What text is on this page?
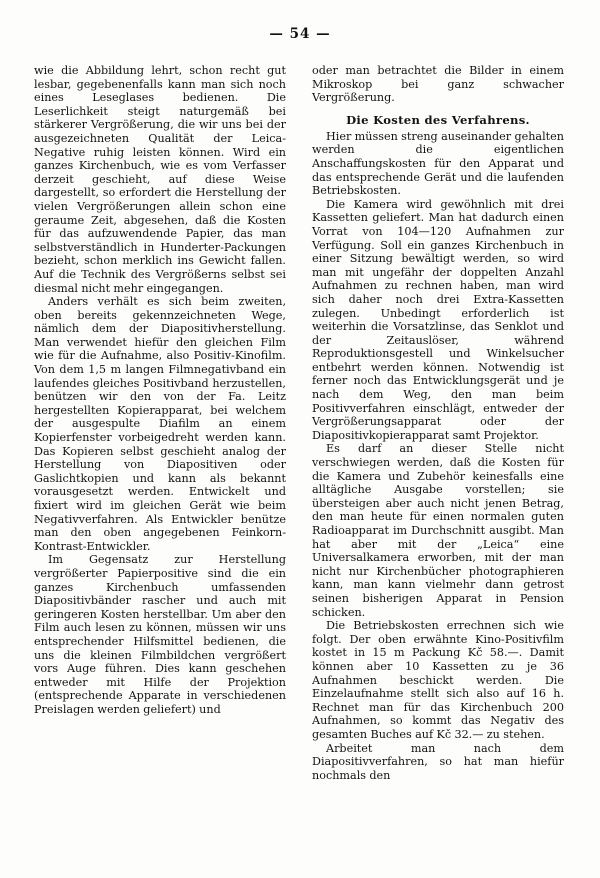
— 54 —

wie die Abbildung lehrt, schon recht gut lesbar, gegebenenfalls kann man sich noch eines Leseglases bedienen. Die Leserlichkeit steigt naturgemäß bei stärkerer Vergrößerung, die wir uns bei der ausgezeichneten Qualität der Leica-Negative ruhig leisten können. Wird ein ganzes Kirchenbuch, wie es vom Verfasser derzeit geschieht, auf diese Weise dargestellt, so erfordert die Herstellung der vielen Vergrößerungen allein schon eine geraume Zeit, abgesehen, daß die Kosten für das aufzuwendende Papier, das man selbstverständlich in Hunderter-Packungen bezieht, schon merklich ins Gewicht fallen. Auf die Technik des Vergrößerns selbst sei diesmal nicht mehr eingegangen.

Anders verhält es sich beim zweiten, oben bereits gekennzeichneten Wege, nämlich dem der Diapositivherstellung. Man verwendet hiefür den gleichen Film wie für die Aufnahme, also Positiv-Kinofilm. Von dem 1,5 m langen Filmnegativband ein laufendes gleiches Positivband herzustellen, benützen wir den von der Fa. Leitz hergestellten Kopierapparat, bei welchem der ausgespulte Diafilm an einem Kopierfenster vorbeigedreht werden kann. Das Kopieren selbst geschieht analog der Herstellung von Diapositiven oder Gaslichtkopien und kann als bekannt vorausgesetzt werden. Entwickelt und fixiert wird im gleichen Gerät wie beim Negativverfahren. Als Entwickler benütze man den oben angegebenen Feinkorn-Kontrast-Entwickler.

Im Gegensatz zur Herstellung vergrößerter Papierpositive sind die ein ganzes Kirchenbuch umfassenden Diapositivbänder rascher und auch mit geringeren Kosten herstellbar. Um aber den Film auch lesen zu können, müssen wir uns entsprechender Hilfsmittel bedienen, die uns die kleinen Filmbildchen vergrößert vors Auge führen. Dies kann geschehen entweder mit Hilfe der Projektion (entsprechende Apparate in verschiedenen Preislagen werden geliefert) und

oder man betrachtet die Bilder in einem Mikroskop bei ganz schwacher Vergrößerung.

Die Kosten des Verfahrens.

Hier müssen streng auseinander gehalten werden die eigentlichen Anschaffungskosten für den Apparat und das entsprechende Gerät und die laufenden Betriebskosten.

Die Kamera wird gewöhnlich mit drei Kassetten geliefert. Man hat dadurch einen Vorrat von 104—120 Aufnahmen zur Verfügung. Soll ein ganzes Kirchenbuch in einer Sitzung bewältigt werden, so wird man mit ungefähr der doppelten Anzahl Aufnahmen zu rechnen haben, man wird sich daher noch drei Extra-Kassetten zulegen. Unbedingt erforderlich ist weiterhin die Vorsatzlinse, das Senklot und der Zeitauslöser, während Reproduktionsgestell und Winkelsucher entbehrt werden können. Notwendig ist ferner noch das Entwicklungsgerät und je nach dem Weg, den man beim Positivverfahren einschlägt, entweder der Vergrößerungsapparat oder der Diapositivkopierapparat samt Projektor.

Es darf an dieser Stelle nicht verschwiegen werden, daß die Kosten für die Kamera und Zubehör keinesfalls eine alltägliche Ausgabe vorstellen; sie übersteigen aber auch nicht jenen Betrag, den man heute für einen normalen guten Radioapparat im Durchschnitt ausgibt. Man hat aber mit der „Leica“ eine Universalkamera erworben, mit der man nicht nur Kirchenbücher photographieren kann, man kann vielmehr dann getrost seinen bisherigen Apparat in Pension schicken.

Die Betriebskosten errechnen sich wie folgt. Der oben erwähnte Kino-Positivfilm kostet in 15 m Packung Kč 58.—. Damit können aber 10 Kassetten zu je 36 Aufnahmen beschickt werden. Die Einzelaufnahme stellt sich also auf 16 h. Rechnet man für das Kirchenbuch 200 Aufnahmen, so kommt das Negativ des gesamten Buches auf Kč 32.— zu stehen.

Arbeitet man nach dem Diapositivverfahren, so hat man hiefür nochmals den
